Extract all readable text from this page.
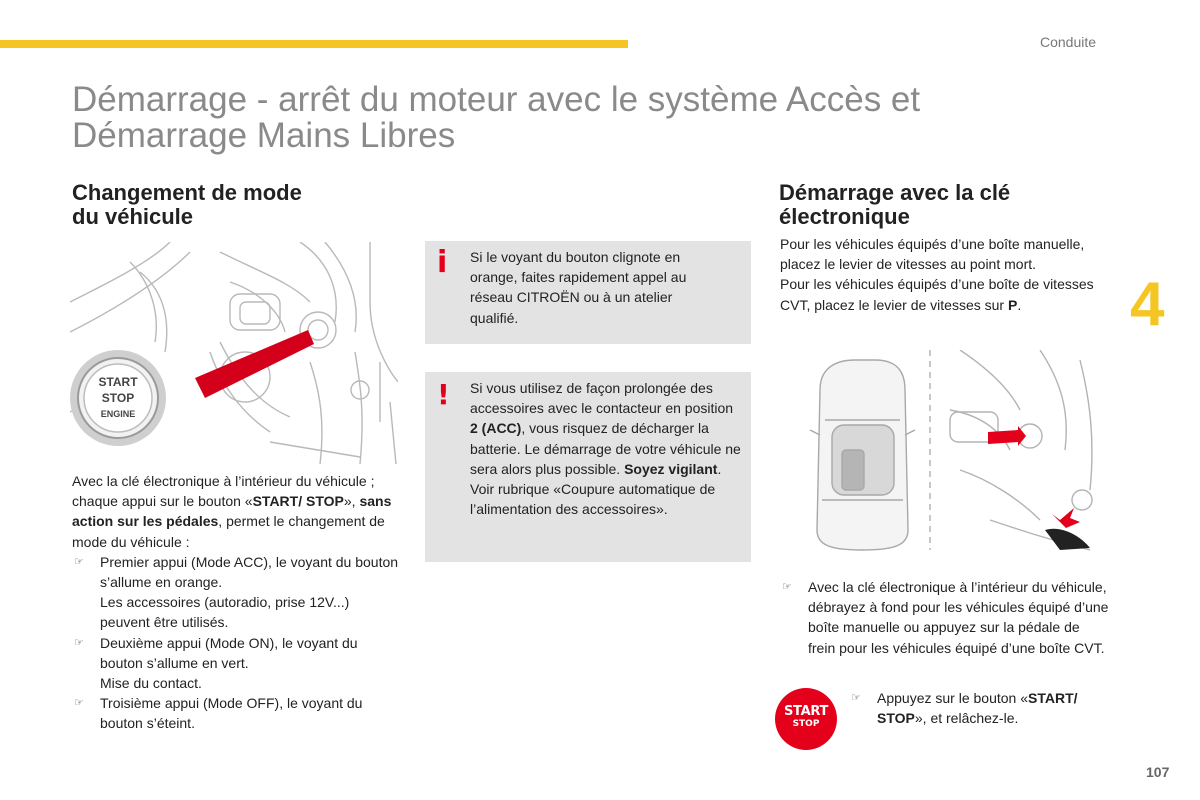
Conduite
Démarrage - arrêt du moteur avec le système Accès et
Démarrage Mains Libres
4
Changement de mode
du véhicule
START
STOP
ENGINE

Avec la clé électronique à l’intérieur du véhicule ; chaque appui sur le bouton «START/ STOP», sans action sur les pédales, permet le changement de mode du véhicule :

☞ Premier appui (Mode ACC), le voyant du bouton s’allume en orange.

Les accessoires (autoradio, prise 12V...) peuvent être utilisés.

☞ Deuxième appui (Mode ON), le voyant du bouton s’allume en vert.

Mise du contact.

☞ Troisième appui (Mode OFF), le voyant du bouton s’éteint.

i Si le voyant du bouton clignote en orange, faites rapidement appel au réseau CITROËN ou à un atelier qualifié.
! Si vous utilisez de façon prolongée des accessoires avec le contacteur en position 2 (ACC), vous risquez de décharger la batterie. Le démarrage de votre véhicule ne sera alors plus possible. Soyez vigilant.

Voir rubrique «Coupure automatique de l’alimentation des accessoires».

Démarrage avec la clé
électronique

Pour les véhicules équipés d’une boîte manuelle, placez le levier de vitesses au point mort.

Pour les véhicules équipés d’une boîte de vitesses CVT, placez le levier de vitesses sur P.

☞ Avec la clé électronique à l’intérieur du véhicule, débrayez à fond pour les véhicules équipé d’une boîte manuelle ou appuyez sur la pédale de frein pour les véhicules équipé d’une boîte CVT.

START
STOP
☞ Appuyez sur le bouton «START/ STOP», et relâchez-le.

107
